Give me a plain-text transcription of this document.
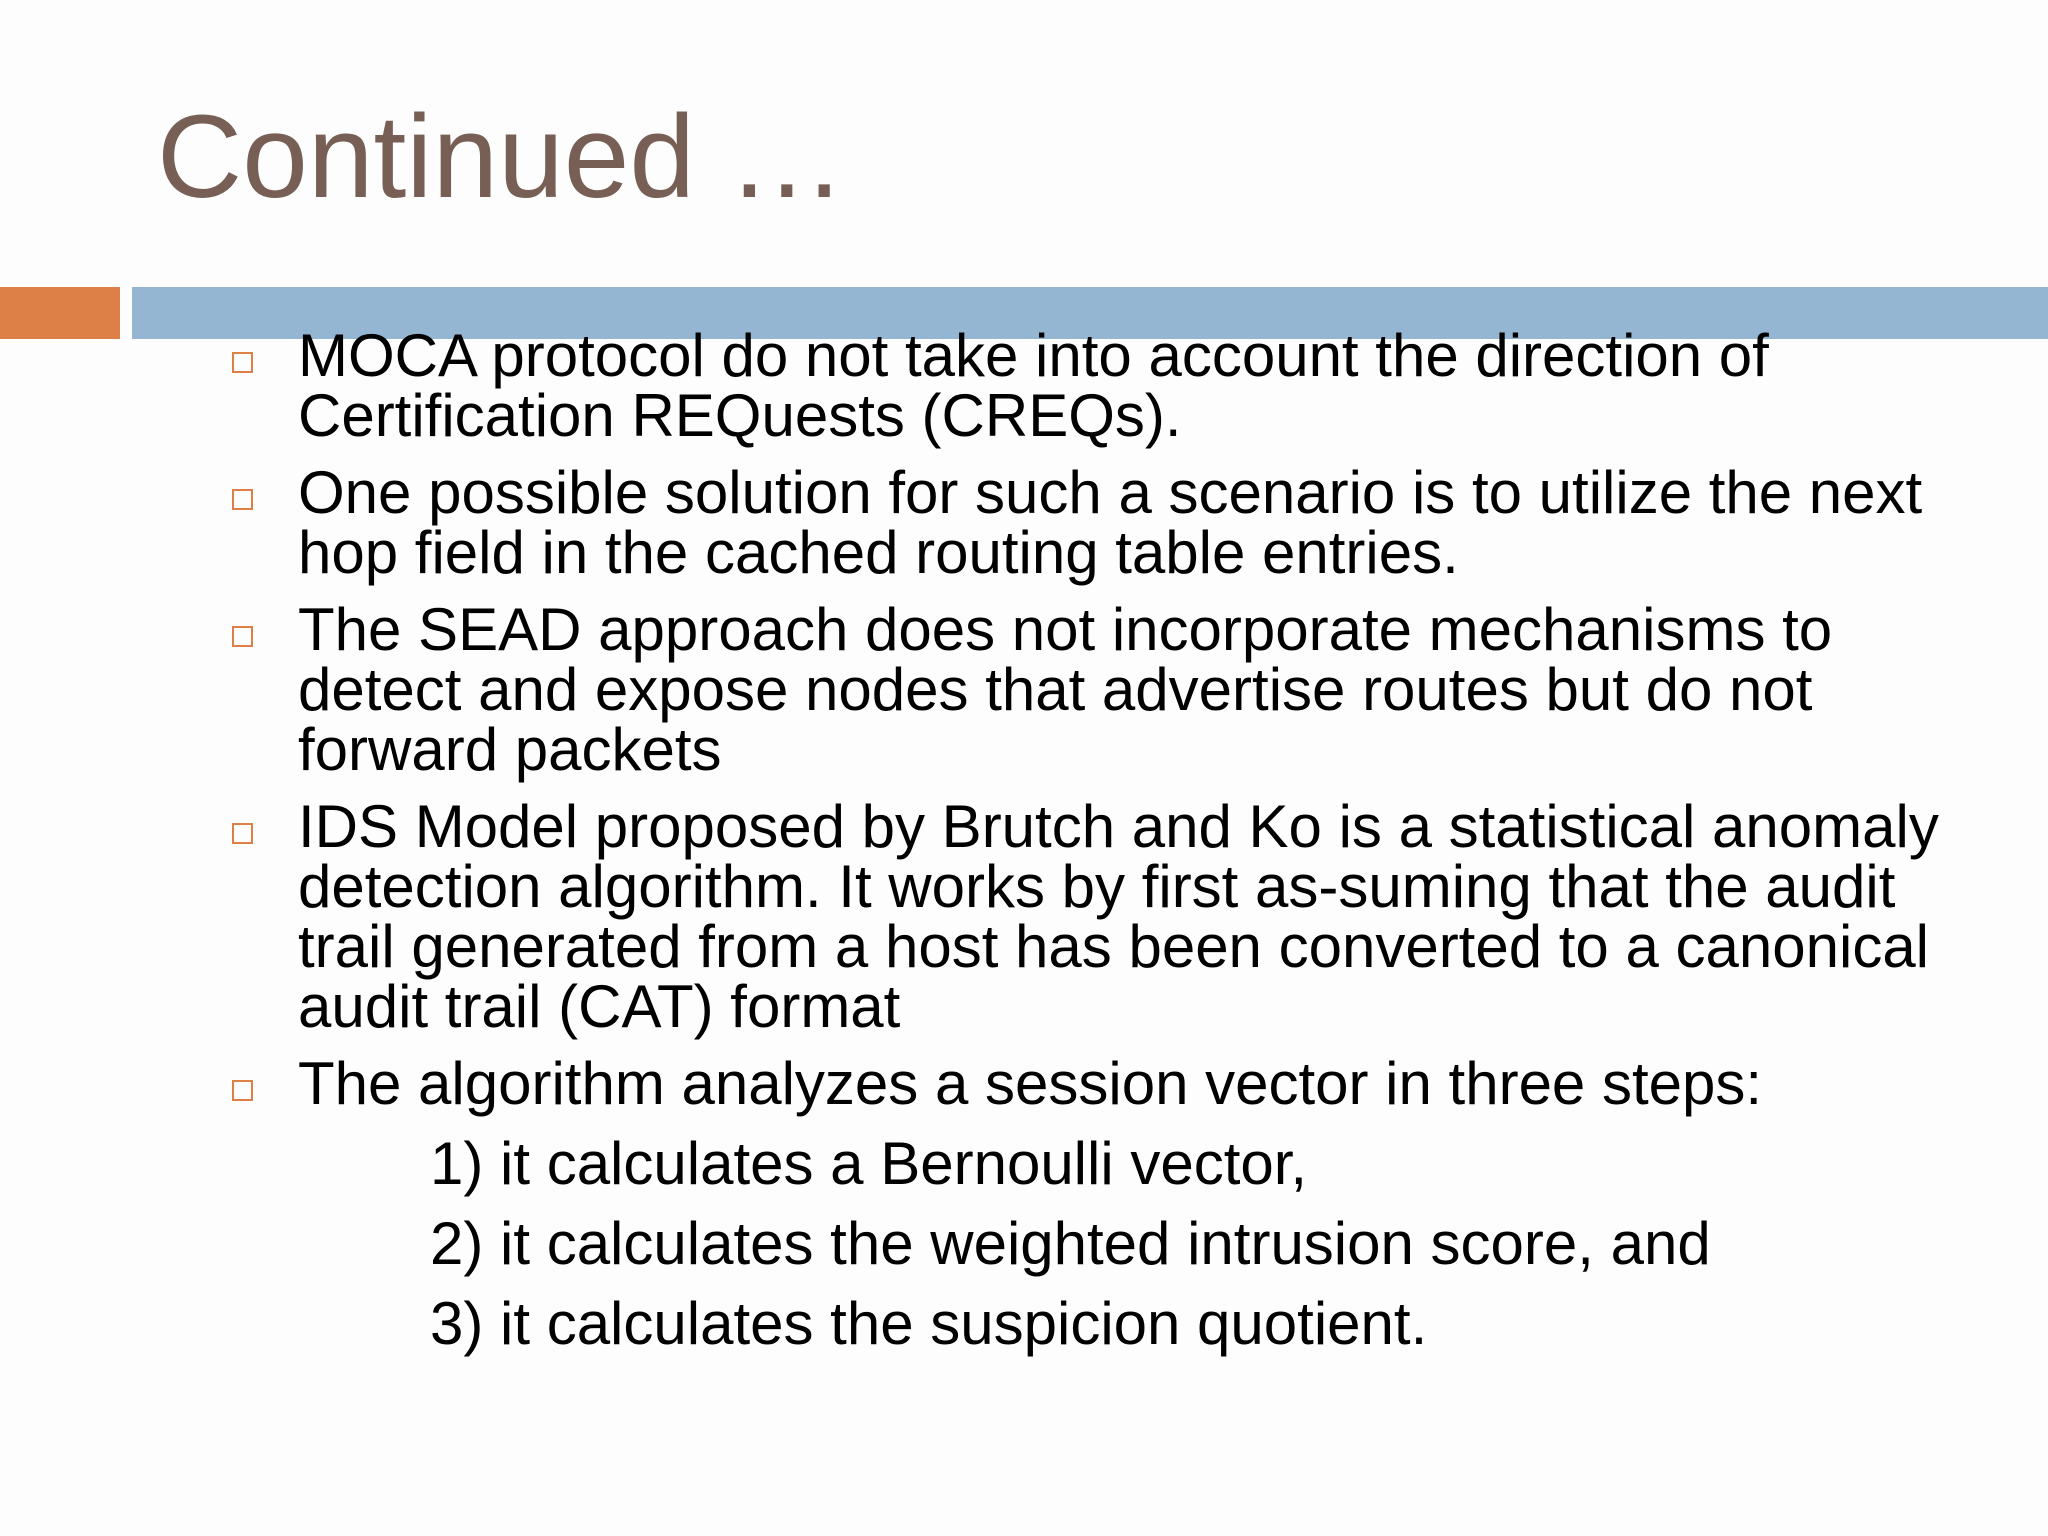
Continued …
MOCA protocol do not take into account the direction of Certification REQuests (CREQs).
One possible solution for such a scenario is to utilize the next hop field in the cached routing table entries.
The SEAD approach does not incorporate mechanisms to detect and expose nodes that advertise routes but do not forward packets
IDS Model proposed by Brutch and Ko is a statistical anomaly detection algorithm. It works by first as-suming that the audit trail generated from a host has been converted to a canonical audit trail (CAT) format
The algorithm analyzes a session vector in three steps:
1) it calculates a Bernoulli vector,
2) it calculates the weighted intrusion score, and
3) it calculates the suspicion quotient.
